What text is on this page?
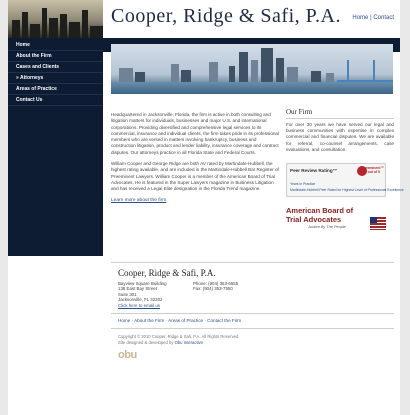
Cooper, Ridge & Safi, P.A. Home | Contact
Home
About the Firm
Cases and Clients
» Attorneys
Areas of Practice
Contact Us

Headquartered in Jacksonville, Florida, the firm is active in both consulting and litigation matters for individuals, businesses and major U.S. and international corporations. Providing diversified and comprehensive legal services to its commercial, insurance and individual clients, the firm takes pride in its professional members who are versed in matters involving bankruptcy, business and construction litigation, product and lender liability, insurance coverage and contract disputes. Our attorneys practice in all Florida State and Federal Courts.

William Cooper and George Ridge are both AV rated by Martindale-Hubbell, the highest rating available, and are included in the Martindale-Hubbell Bar Register of Preeminent Lawyers. William Cooper is a member of the American Board of Trial Advocates. He is featured in the Super Lawyers magazine in Business Litigation and has received a Legal Elite designation in the Florida Trend magazine.

Learn more about the firm
Our Firm
For over 30 years we have served our legal and business communities with expertise in complex commercial and financial disputes. We are available for referral, co-counsel arrangements, case evaluations, and consultation.
Peer Review Rating™	Preeminent™ 5.0 out of 5
Years in Practice
Martindale-Hubbell Peer Rated for Highest Level of Professional Excellence
American Board of
Trial Advocates
Justice By The People
Cooper, Ridge & Safi, P.A.
Bayview Square Building
136 East Bay Street
Suite 301
Jacksonville, FL 32202
Click here to email us
Phone: (904) 353-6555
Fax: (904) 353-7550
Home · About the Firm · Areas of Practice · Contact the Firm
Copyright © 2010 Cooper, Ridge & Safi, P.A. All Rights Reserved.
Site designed & developed by Obu Interactive
obu
